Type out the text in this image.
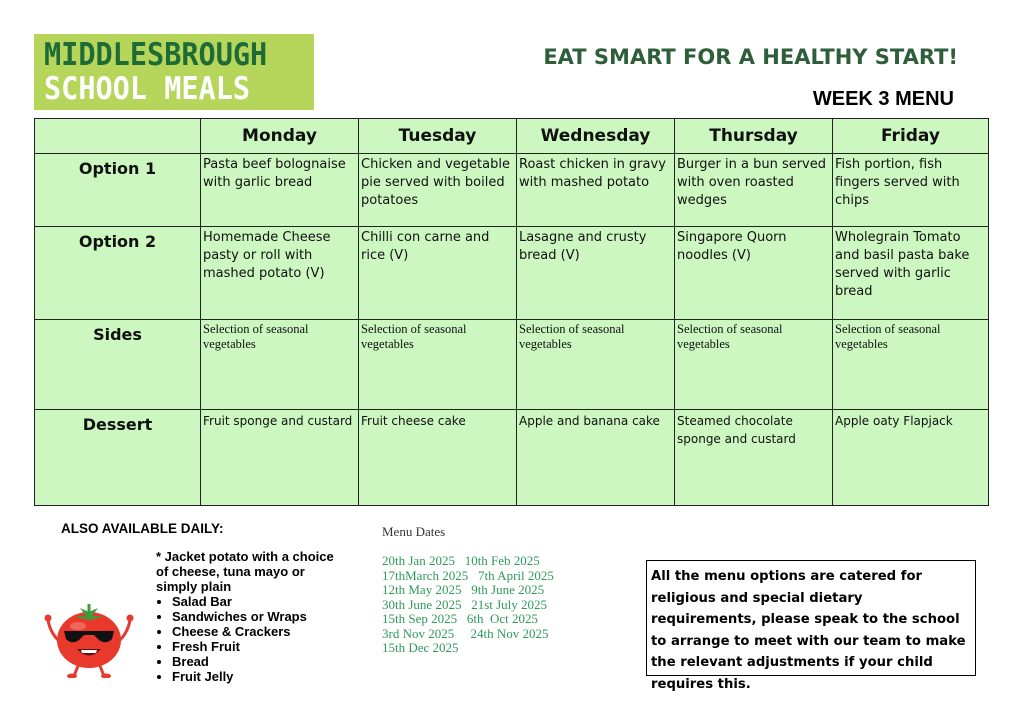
MIDDLESBROUGH
SCHOOL MEALS
EAT SMART FOR A HEALTHY START!
WEEK 3 MENU
	Monday	Tuesday	Wednesday	Thursday	Friday
Option 1	Pasta beef bolognaise with garlic bread	Chicken and vegetable pie served with boiled potatoes	Roast chicken in gravy with mashed potato	Burger in a bun served with oven roasted wedges	Fish portion, fish fingers served with chips
Option 2	Homemade Cheese pasty or roll with mashed potato (V)	Chilli con carne and rice (V)	Lasagne and crusty bread (V)	Singapore Quorn noodles (V)	Wholegrain Tomato and basil pasta bake served with garlic bread
Sides	Selection of seasonal vegetables	Selection of seasonal vegetables	Selection of seasonal vegetables	Selection of seasonal vegetables	Selection of seasonal vegetables
Dessert	Fruit sponge and custard	Fruit cheese cake	Apple and banana cake	Steamed chocolate sponge and custard	Apple oaty Flapjack
ALSO AVAILABLE DAILY:
* Jacket potato with a choice of cheese, tuna mayo or simply plain
• Salad Bar
• Sandwiches or Wraps
• Cheese & Crackers
• Fresh Fruit
• Bread
• Fruit Jelly
Menu Dates
20th Jan 2025   10th Feb 2025
17thMarch 2025   7th April 2025
12th May 2025   9th June 2025
30th June 2025   21st July 2025
15th Sep 2025   6th  Oct 2025
3rd Nov 2025     24th Nov 2025
15th Dec 2025
All the menu options are catered for religious and special dietary requirements, please speak to the school to arrange to meet with our team to make the relevant adjustments if your child requires this.
